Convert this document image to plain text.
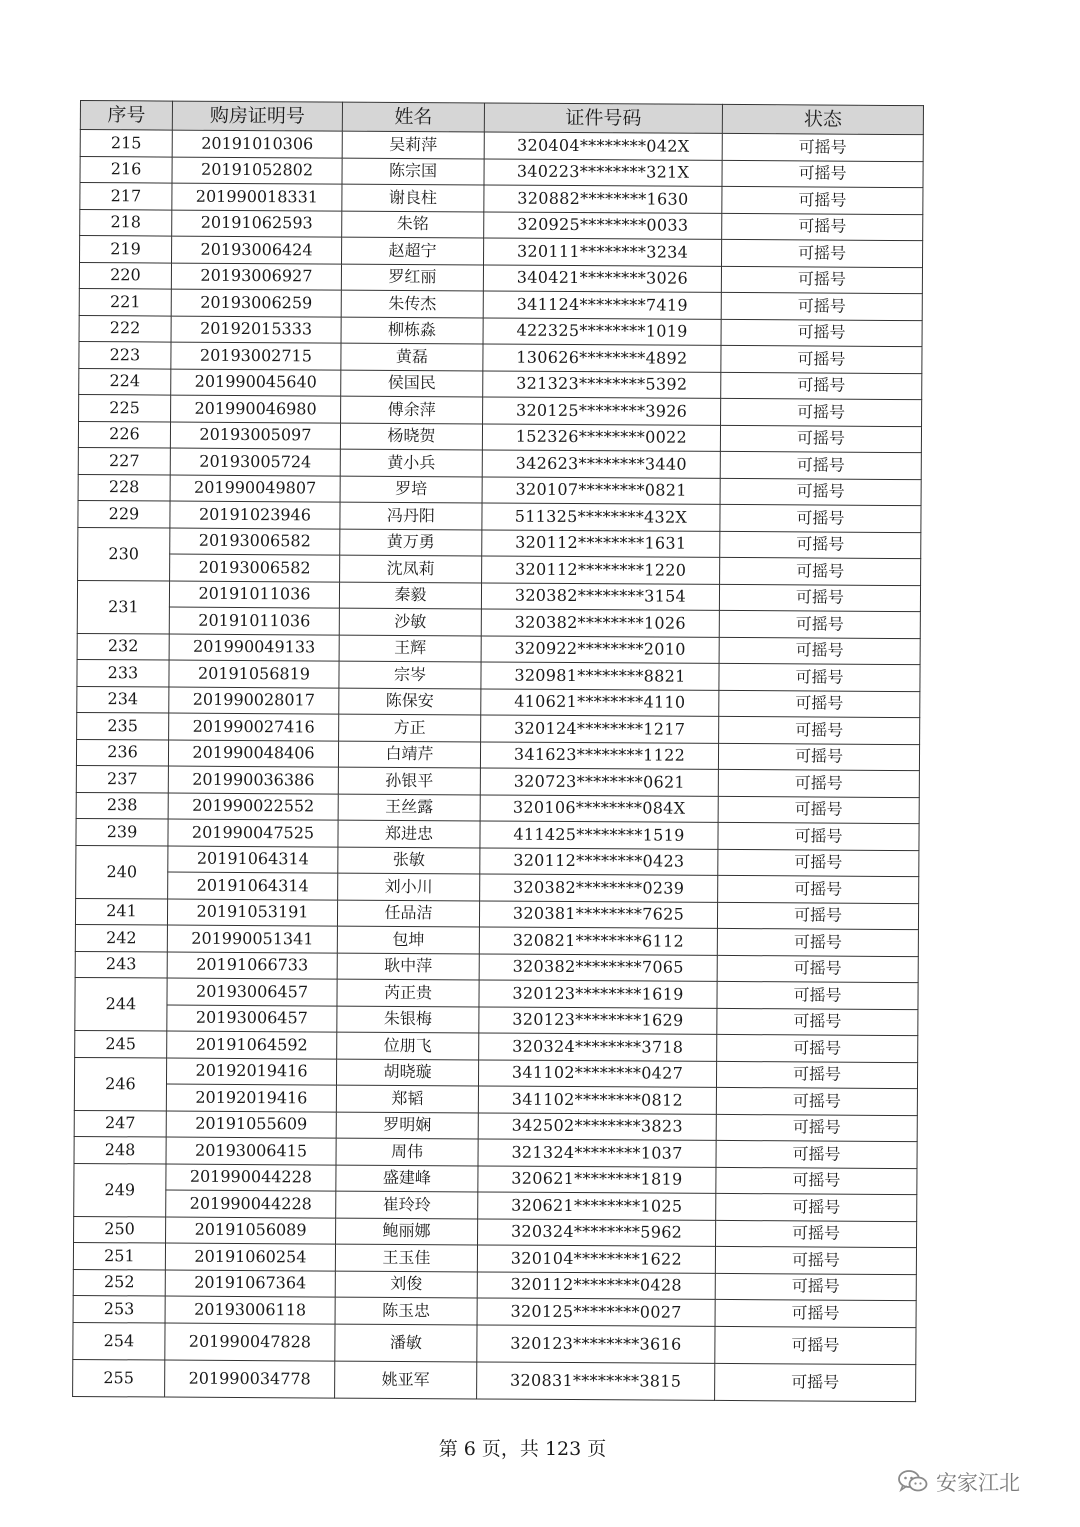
序号	购房证明号	姓名	证件号码	状态
215	20191010306	吴莉萍	320404********042X	可摇号
216	20191052802	陈宗国	340223********321X	可摇号
217	201990018331	谢良柱	320882********1630	可摇号
218	20191062593	朱铭	320925********0033	可摇号
219	20193006424	赵超宁	320111********3234	可摇号
220	20193006927	罗红丽	340421********3026	可摇号
221	20193006259	朱传杰	341124********7419	可摇号
222	20192015333	柳栋淼	422325********1019	可摇号
223	20193002715	黄磊	130626********4892	可摇号
224	201990045640	侯国民	321323********5392	可摇号
225	201990046980	傅余萍	320125********3926	可摇号
226	20193005097	杨晓贺	152326********0022	可摇号
227	20193005724	黄小兵	342623********3440	可摇号
228	201990049807	罗培	320107********0821	可摇号
229	20191023946	冯丹阳	511325********432X	可摇号
230	20193006582	黄万勇	320112********1631	可摇号
	20193006582	沈凤莉	320112********1220	可摇号
231	20191011036	秦毅	320382********3154	可摇号
	20191011036	沙敏	320382********1026	可摇号
232	201990049133	王辉	320922********2010	可摇号
233	20191056819	宗岑	320981********8821	可摇号
234	201990028017	陈保安	410621********4110	可摇号
235	201990027416	方正	320124********1217	可摇号
236	201990048406	白靖芹	341623********1122	可摇号
237	201990036386	孙银平	320723********0621	可摇号
238	201990022552	王丝露	320106********084X	可摇号
239	201990047525	郑进忠	411425********1519	可摇号
240	20191064314	张敏	320112********0423	可摇号
	20191064314	刘小川	320382********0239	可摇号
241	20191053191	任品洁	320381********7625	可摇号
242	201990051341	包坤	320821********6112	可摇号
243	20191066733	耿中萍	320382********7065	可摇号
244	20193006457	芮正贵	320123********1619	可摇号
	20193006457	朱银梅	320123********1629	可摇号
245	20191064592	位朋飞	320324********3718	可摇号
246	20192019416	胡晓璇	341102********0427	可摇号
	20192019416	郑韬	341102********0812	可摇号
247	20191055609	罗明娴	342502********3823	可摇号
248	20193006415	周伟	321324********1037	可摇号
249	201990044228	盛建峰	320621********1819	可摇号
	201990044228	崔玲玲	320621********1025	可摇号
250	20191056089	鲍丽娜	320324********5962	可摇号
251	20191060254	王玉佳	320104********1622	可摇号
252	20191067364	刘俊	320112********0428	可摇号
253	20193006118	陈玉忠	320125********0027	可摇号
254	201990047828	潘敏	320123********3616	可摇号
255	201990034778	姚亚军	320831********3815	可摇号
第 6 页，共 123 页
安家江北
